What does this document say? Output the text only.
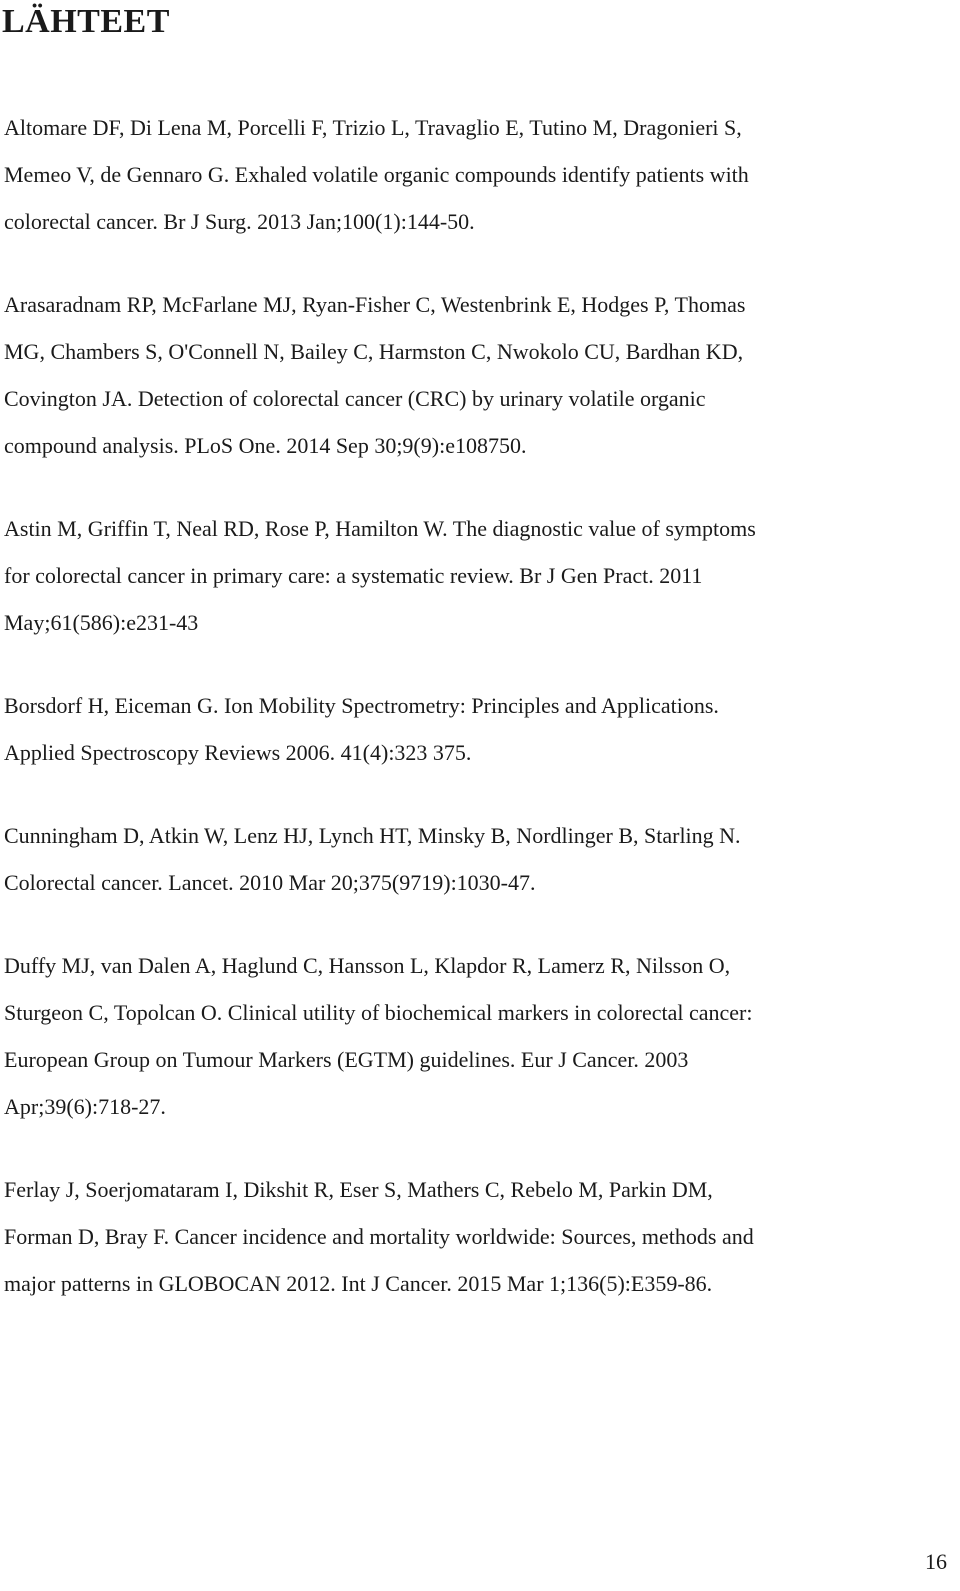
LÄHTEET
Altomare DF, Di Lena M, Porcelli F, Trizio L, Travaglio E, Tutino M, Dragonieri S,
Memeo V, de Gennaro G. Exhaled volatile organic compounds identify patients with
colorectal cancer. Br J Surg. 2013 Jan;100(1):144-50.
Arasaradnam RP, McFarlane MJ, Ryan-Fisher C, Westenbrink E, Hodges P, Thomas
MG, Chambers S, O'Connell N, Bailey C, Harmston C, Nwokolo CU, Bardhan KD,
Covington JA. Detection of colorectal cancer (CRC) by urinary volatile organic
compound analysis. PLoS One. 2014 Sep 30;9(9):e108750.
Astin M, Griffin T, Neal RD, Rose P, Hamilton W. The diagnostic value of symptoms
for colorectal cancer in primary care: a systematic review. Br J Gen Pract. 2011
May;61(586):e231-43
Borsdorf H, Eiceman G. Ion Mobility Spectrometry: Principles and Applications.
Applied Spectroscopy Reviews 2006. 41(4):323 375.
Cunningham D, Atkin W, Lenz HJ, Lynch HT, Minsky B, Nordlinger B, Starling N.
Colorectal cancer. Lancet. 2010 Mar 20;375(9719):1030-47.
Duffy MJ, van Dalen A, Haglund C, Hansson L, Klapdor R, Lamerz R, Nilsson O,
Sturgeon C, Topolcan O. Clinical utility of biochemical markers in colorectal cancer:
European Group on Tumour Markers (EGTM) guidelines. Eur J Cancer. 2003
Apr;39(6):718-27.
Ferlay J, Soerjomataram I, Dikshit R, Eser S, Mathers C, Rebelo M, Parkin DM,
Forman D, Bray F. Cancer incidence and mortality worldwide: Sources, methods and
major patterns in GLOBOCAN 2012. Int J Cancer. 2015 Mar 1;136(5):E359-86.
16
